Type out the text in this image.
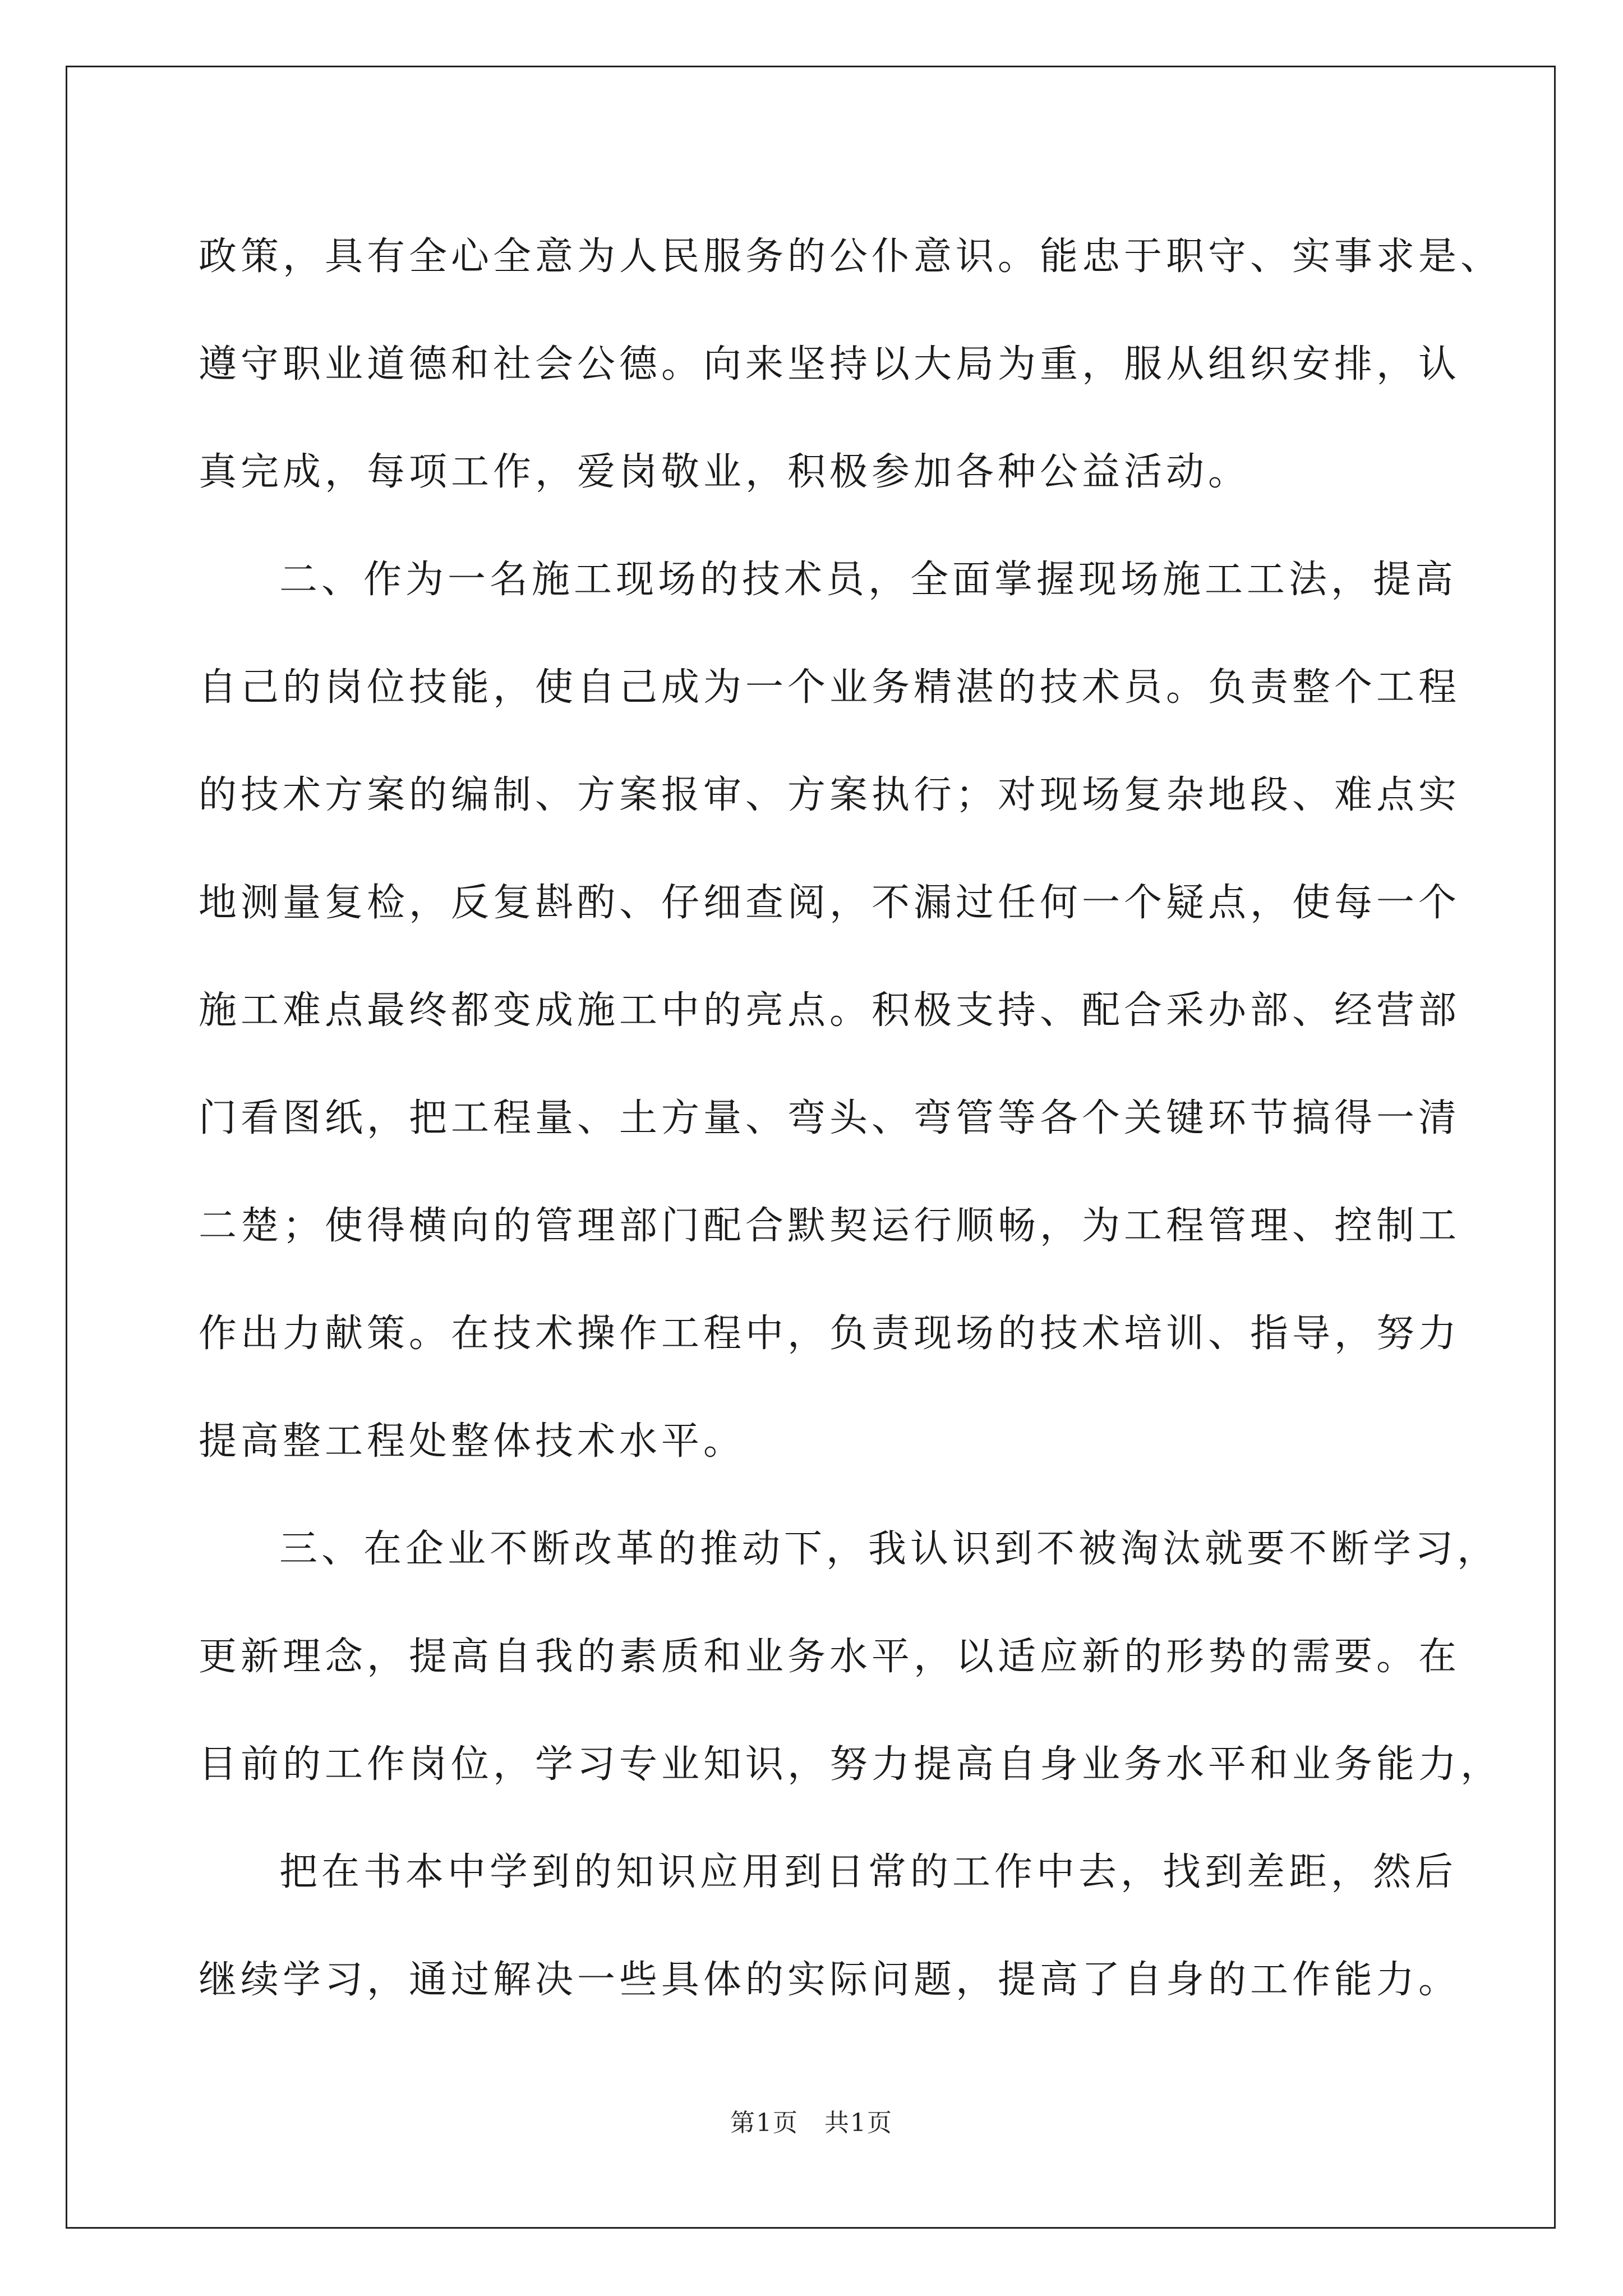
政策，具有全心全意为人民服务的公仆意识。能忠于职守、实事求是、
遵守职业道德和社会公德。向来坚持以大局为重，服从组织安排，认
真完成，每项工作，爱岗敬业，积极参加各种公益活动。

二、作为一名施工现场的技术员，全面掌握现场施工工法，提高
自己的岗位技能，使自己成为一个业务精湛的技术员。负责整个工程
的技术方案的编制、方案报审、方案执行；对现场复杂地段、难点实
地测量复检，反复斟酌、仔细查阅，不漏过任何一个疑点，使每一个
施工难点最终都变成施工中的亮点。积极支持、配合采办部、经营部
门看图纸，把工程量、土方量、弯头、弯管等各个关键环节搞得一清
二楚；使得横向的管理部门配合默契运行顺畅，为工程管理、控制工
作出力献策。在技术操作工程中，负责现场的技术培训、指导，努力
提高整工程处整体技术水平。

三、在企业不断改革的推动下，我认识到不被淘汰就要不断学习，
更新理念，提高自我的素质和业务水平，以适应新的形势的需要。在
目前的工作岗位，学习专业知识，努力提高自身业务水平和业务能力，

把在书本中学到的知识应用到日常的工作中去，找到差距，然后
继续学习，通过解决一些具体的实际问题，提高了自身的工作能力。

第1页　共1页
